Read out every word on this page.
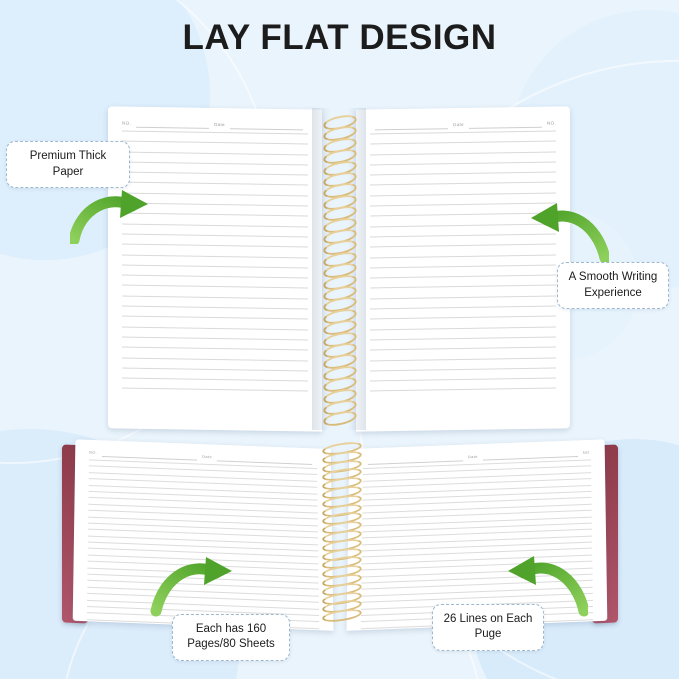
LAY FLAT DESIGN
NO.	Date	Date	NO.
NO.
Date	Date
NO.
Premium Thick Paper
A Smooth Writing Experience
Each has 160 Pages/80 Sheets
26 Lines on Each Puge
